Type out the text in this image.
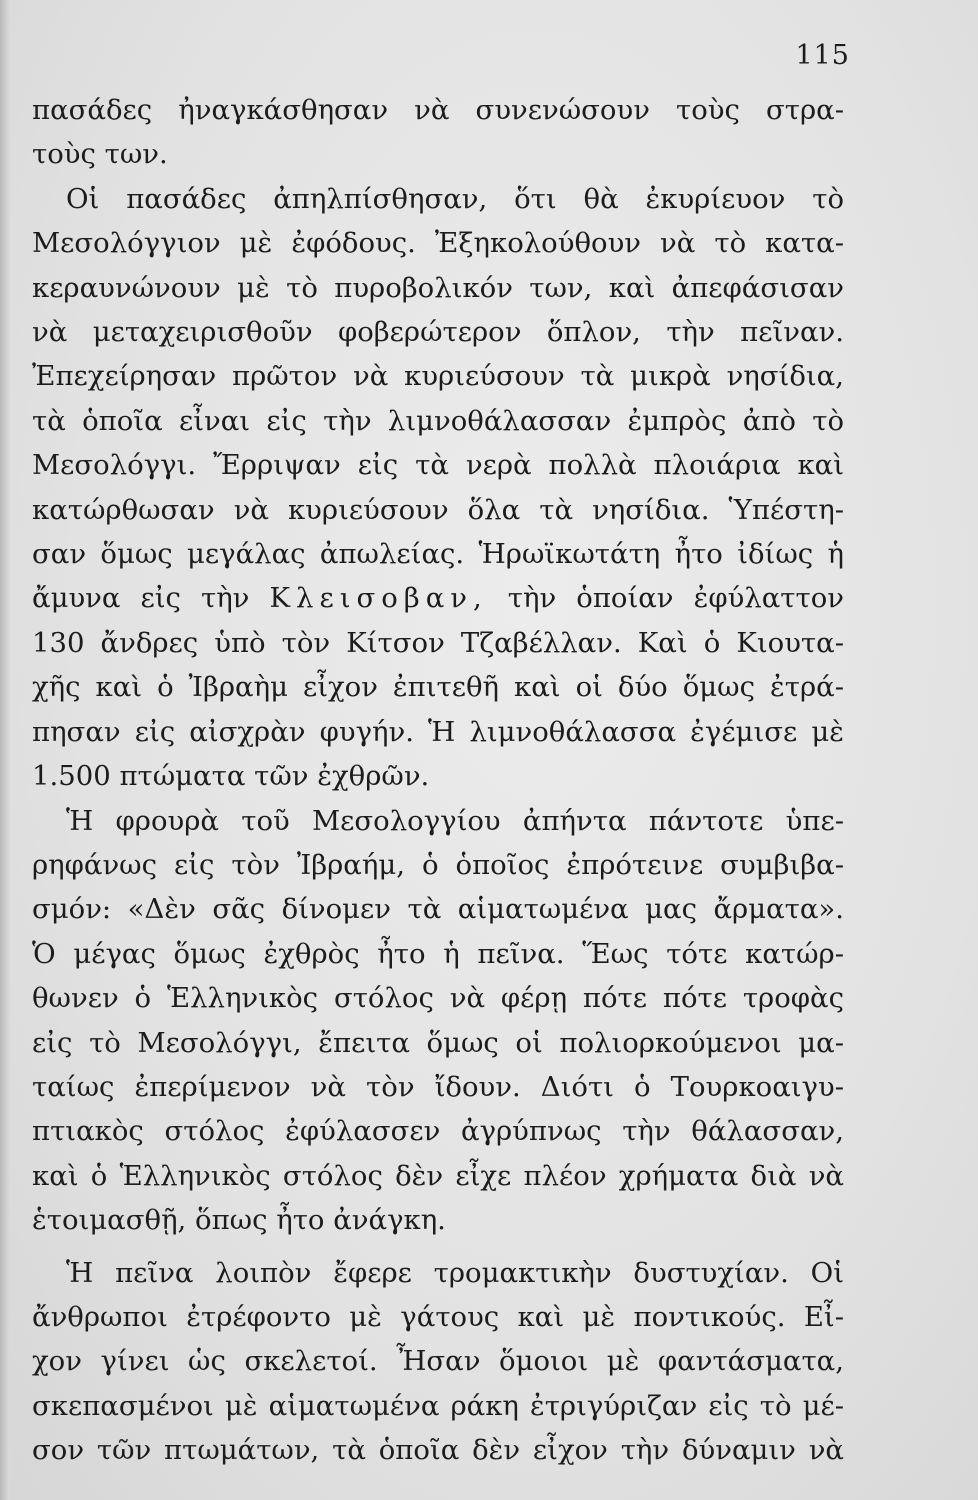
115
πασάδες ἠναγκάσθησαν νὰ συνενώσουν τοὺς στρα-
τοὺς των.
Οἱ πασάδες ἀπηλπίσθησαν, ὅτι θὰ ἐκυρίευον τὸ
Μεσολόγγιον μὲ ἐφόδους. Ἐξηκολούθουν νὰ τὸ κατα-
κεραυνώνουν μὲ τὸ πυροβολικόν των, καὶ ἀπεφάσισαν
νὰ μεταχειρισθοῦν φοβερώτερον ὅπλον, τὴν πεῖναν.
Ἐπεχείρησαν πρῶτον νὰ κυριεύσουν τὰ μικρὰ νησίδια,
τὰ ὁποῖα εἶναι εἰς τὴν λιμνοθάλασσαν ἐμπρὸς ἀπὸ τὸ
Μεσολόγγι. Ἔρριψαν εἰς τὰ νερὰ πολλὰ πλοιάρια καὶ
κατώρθωσαν νὰ κυριεύσουν ὅλα τὰ νησίδια. Ὑπέστη-
σαν ὅμως μεγάλας ἀπωλείας. Ἡρωϊκωτάτη ἦτο ἰδίως ἡ
ἄμυνα εἰς τὴν Κλεισοβαν, τὴν ὁποίαν ἐφύλαττον
130 ἄνδρες ὑπὸ τὸν Κίτσον Τζαβέλλαν. Καὶ ὁ Κιουτα-
χῆς καὶ ὁ Ἰβραὴμ εἶχον ἐπιτεθῆ καὶ οἱ δύο ὅμως ἐτρά-
πησαν εἰς αἰσχρὰν φυγήν. Ἡ λιμνοθάλασσα ἐγέμισε μὲ
1.500 πτώματα τῶν ἐχθρῶν.
Ἡ φρουρὰ τοῦ Μεσολογγίου ἀπήντα πάντοτε ὑπε-
ρηφάνως εἰς τὸν Ἰβραήμ, ὁ ὁποῖος ἐπρότεινε συμβιβα-
σμόν: «Δὲν σᾶς δίνομεν τὰ αἱματωμένα μας ἄρματα».
Ὁ μέγας ὅμως ἐχθρὸς ἦτο ἡ πεῖνα. Ἕως τότε κατώρ-
θωνεν ὁ Ἑλληνικὸς στόλος νὰ φέρῃ πότε πότε τροφὰς
εἰς τὸ Μεσολόγγι, ἔπειτα ὅμως οἱ πολιορκούμενοι μα-
ταίως ἐπερίμενον νὰ τὸν ἴδουν. Διότι ὁ Τουρκοαιγυ-
πτιακὸς στόλος ἐφύλασσεν ἀγρύπνως τὴν θάλασσαν,
καὶ ὁ Ἑλληνικὸς στόλος δὲν εἶχε πλέον χρήματα διὰ νὰ
ἑτοιμασθῇ, ὅπως ἦτο ἀνάγκη.
Ἡ πεῖνα λοιπὸν ἔφερε τρομακτικὴν δυστυχίαν. Οἱ
ἄνθρωποι ἐτρέφοντο μὲ γάτους καὶ μὲ ποντικούς. Εἶ-
χον γίνει ὡς σκελετοί. Ἦσαν ὅμοιοι μὲ φαντάσματα,
σκεπασμένοι μὲ αἱματωμένα ράκη ἐτριγύριζαν εἰς τὸ μέ-
σον τῶν πτωμάτων, τὰ ὁποῖα δὲν εἶχον τὴν δύναμιν νὰ
